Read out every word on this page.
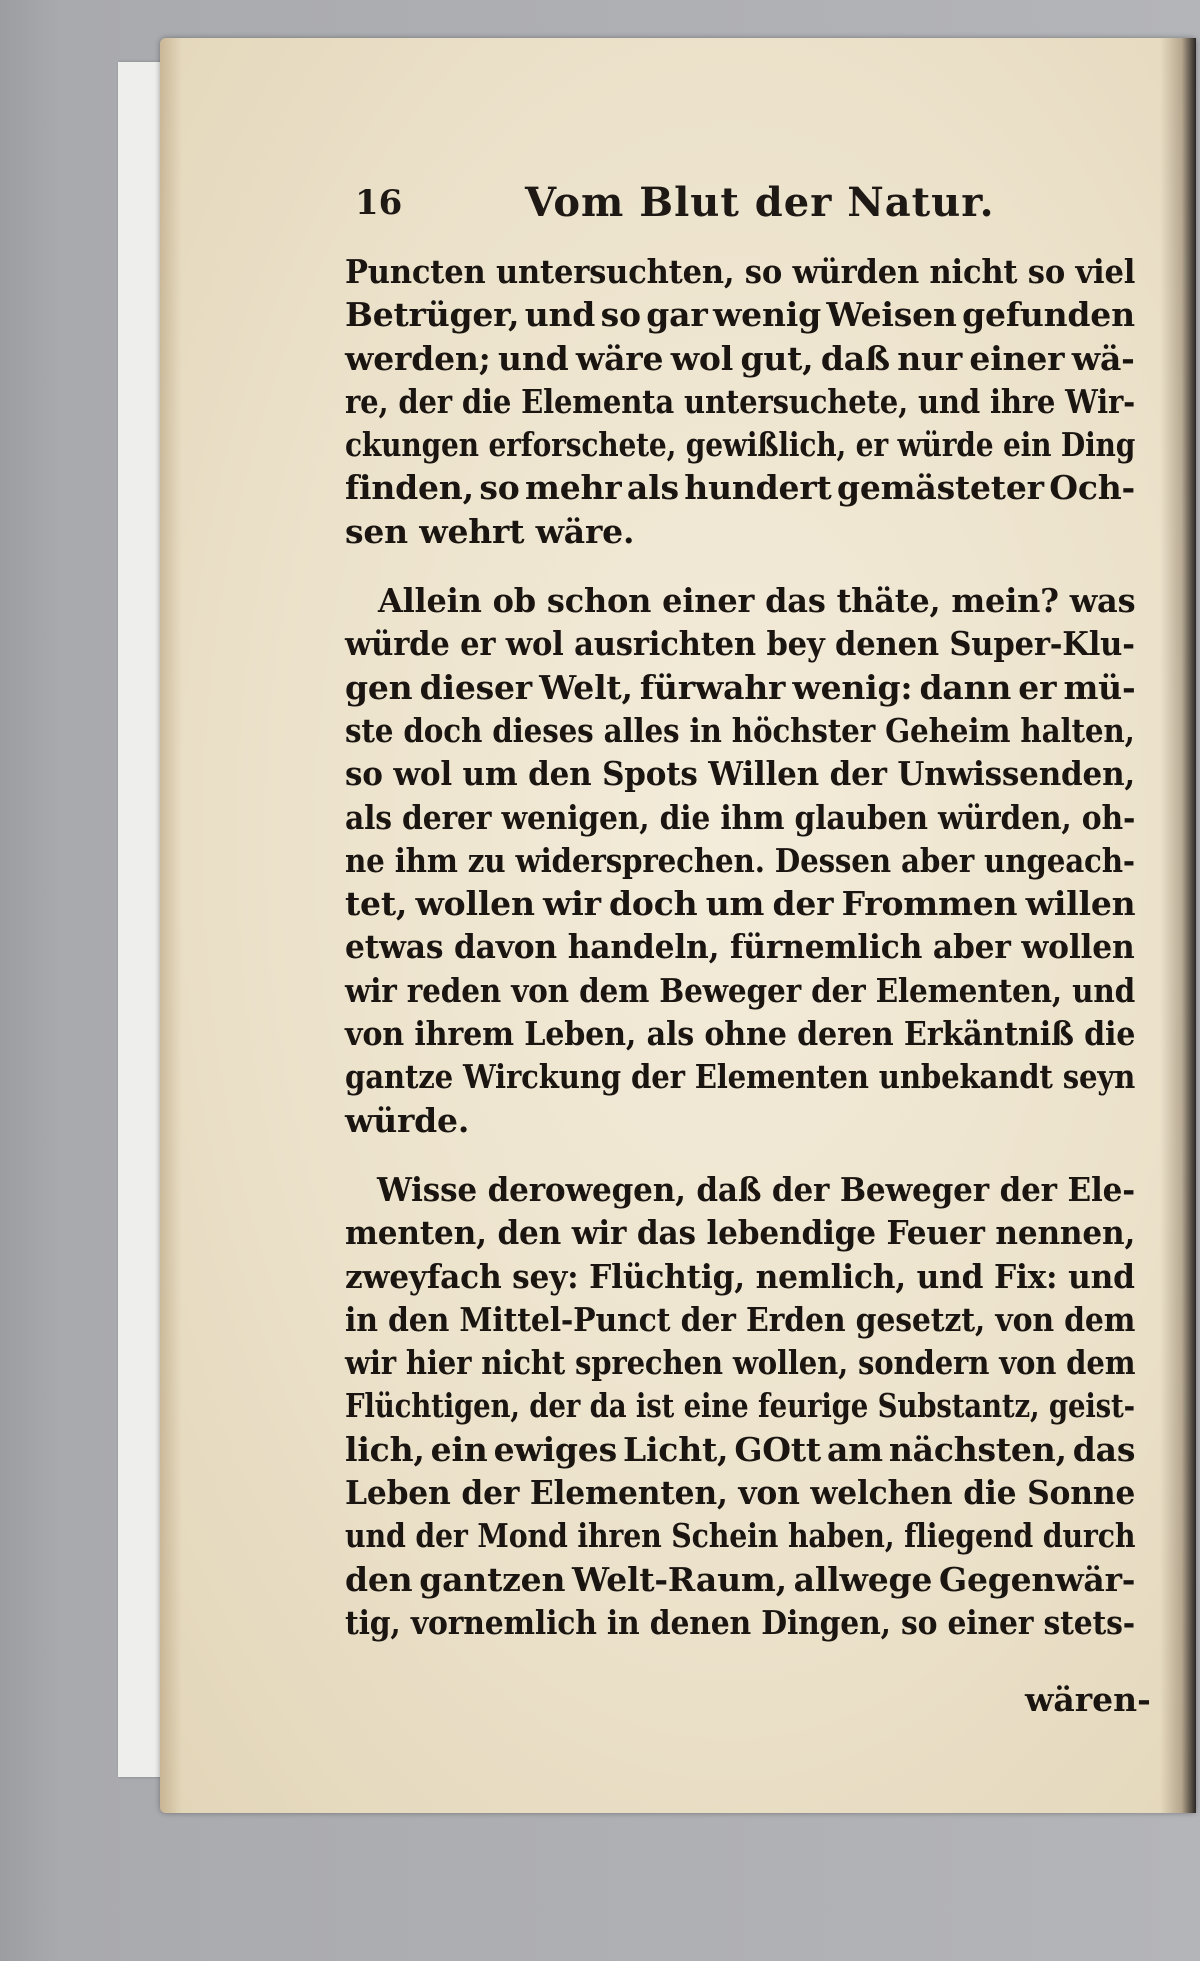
16	Vom Blut der Natur.
Puncten untersuchten, so würden nicht so viel
Betrüger, und so gar wenig Weisen gefunden
werden; und wäre wol gut, daß nur einer wä-
re, der die Elementa untersuchete, und ihre Wir-
ckungen erforschete, gewißlich, er würde ein Ding
finden, so mehr als hundert gemästeter Och-
sen wehrt wäre.
Allein ob schon einer das thäte, mein? was
würde er wol ausrichten bey denen Super-Klu-
gen dieser Welt, fürwahr wenig: dann er mü-
ste doch dieses alles in höchster Geheim halten,
so wol um den Spots Willen der Unwissenden,
als derer wenigen, die ihm glauben würden, oh-
ne ihm zu widersprechen. Dessen aber ungeach-
tet, wollen wir doch um der Frommen willen
etwas davon handeln, fürnemlich aber wollen
wir reden von dem Beweger der Elementen, und
von ihrem Leben, als ohne deren Erkäntniß die
gantze Wirckung der Elementen unbekandt seyn
würde.
Wisse derowegen, daß der Beweger der Ele-
menten, den wir das lebendige Feuer nennen,
zweyfach sey: Flüchtig, nemlich, und Fix: und
in den Mittel-Punct der Erden gesetzt, von dem
wir hier nicht sprechen wollen, sondern von dem
Flüchtigen, der da ist eine feurige Substantz, geist-
lich, ein ewiges Licht, GOtt am nächsten, das
Leben der Elementen, von welchen die Sonne
und der Mond ihren Schein haben, fliegend durch
den gantzen Welt-Raum, allwege Gegenwär-
tig, vornemlich in denen Dingen, so einer stets-
wären-
